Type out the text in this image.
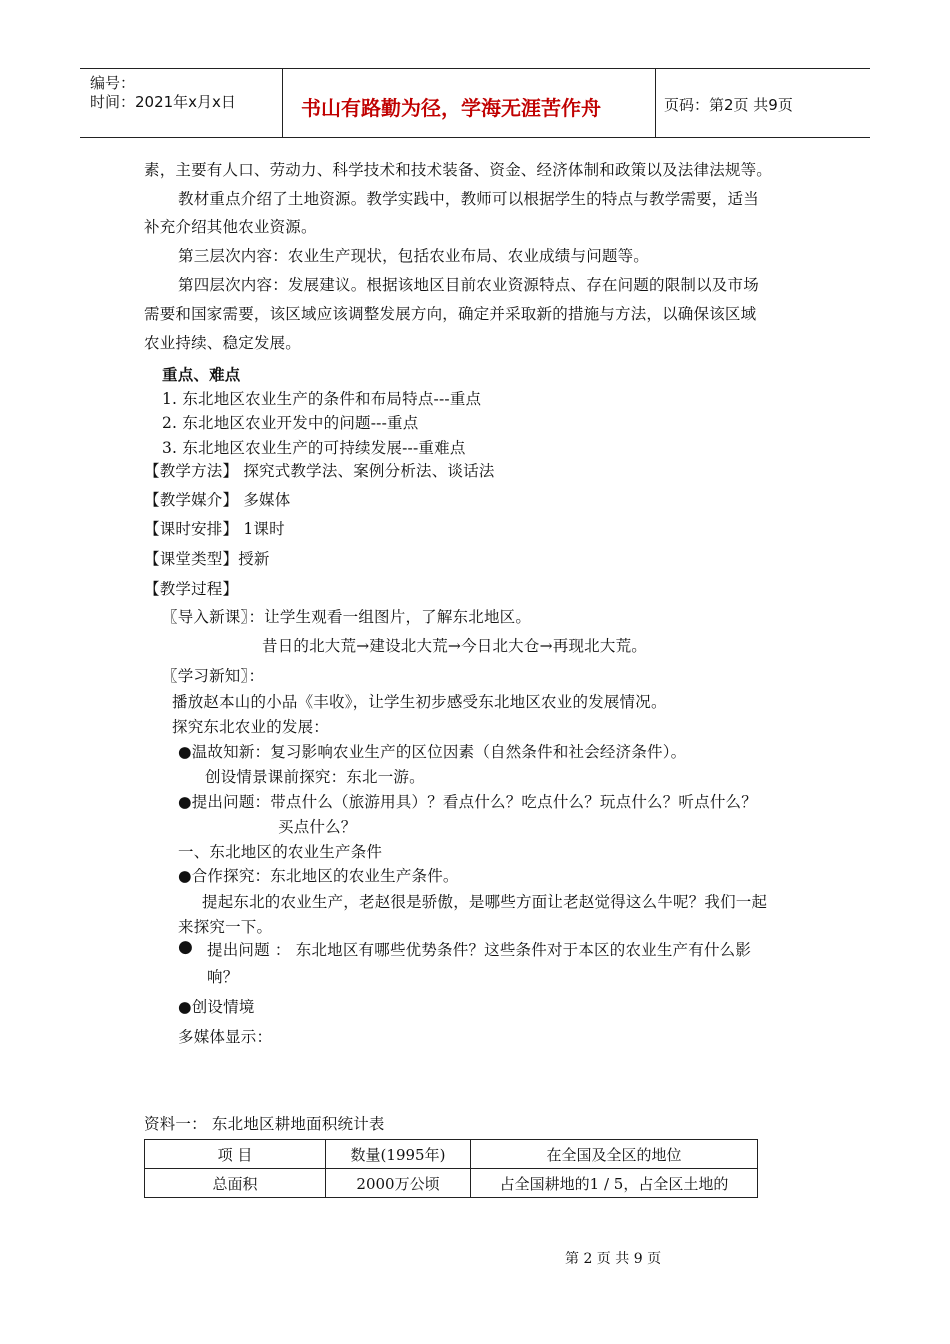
编号：
时间：2021年x月x日	书山有路勤为径，学海无涯苦作舟	页码：第2页 共9页
素，主要有人口、劳动力、科学技术和技术装备、资金、经济体制和政策以及法律法规等。
教材重点介绍了土地资源。教学实践中，教师可以根据学生的特点与教学需要，适当
补充介绍其他农业资源。
第三层次内容：农业生产现状，包括农业布局、农业成绩与问题等。
第四层次内容：发展建议。根据该地区目前农业资源特点、存在问题的限制以及市场
需要和国家需要，该区域应该调整发展方向，确定并采取新的措施与方法，以确保该区域
农业持续、稳定发展。
重点、难点
1. 东北地区农业生产的条件和布局特点---重点
2. 东北地区农业开发中的问题---重点
3. 东北地区农业生产的可持续发展---重难点
【教学方法】 探究式教学法、案例分析法、谈话法
【教学媒介】 多媒体
【课时安排】 1课时
【课堂类型】授新
【教学过程】
〖导入新课〗：让学生观看一组图片，了解东北地区。
昔日的北大荒→建设北大荒→今日北大仓→再现北大荒。
〖学习新知〗：
播放赵本山的小品《丰收》，让学生初步感受东北地区农业的发展情况。
探究东北农业的发展：
●温故知新：复习影响农业生产的区位因素（自然条件和社会经济条件）。
创设情景课前探究：东北一游。
●提出问题：带点什么（旅游用具）？看点什么？吃点什么？玩点什么？听点什么？
买点什么？
一、东北地区的农业生产条件
●合作探究：东北地区的农业生产条件。
提起东北的农业生产，老赵很是骄傲，是哪些方面让老赵觉得这么牛呢？我们一起
来探究一下。
● 提出问题 ： 东北地区有哪些优势条件？这些条件对于本区的农业生产有什么影
响？
●创设情境
多媒体显示：
资料一： 东北地区耕地面积统计表
项 目	数量(1995年)	在全国及全区的地位
总面积	2000万公顷	占全国耕地的1 / 5，占全区土地的
第 2 页 共 9 页
